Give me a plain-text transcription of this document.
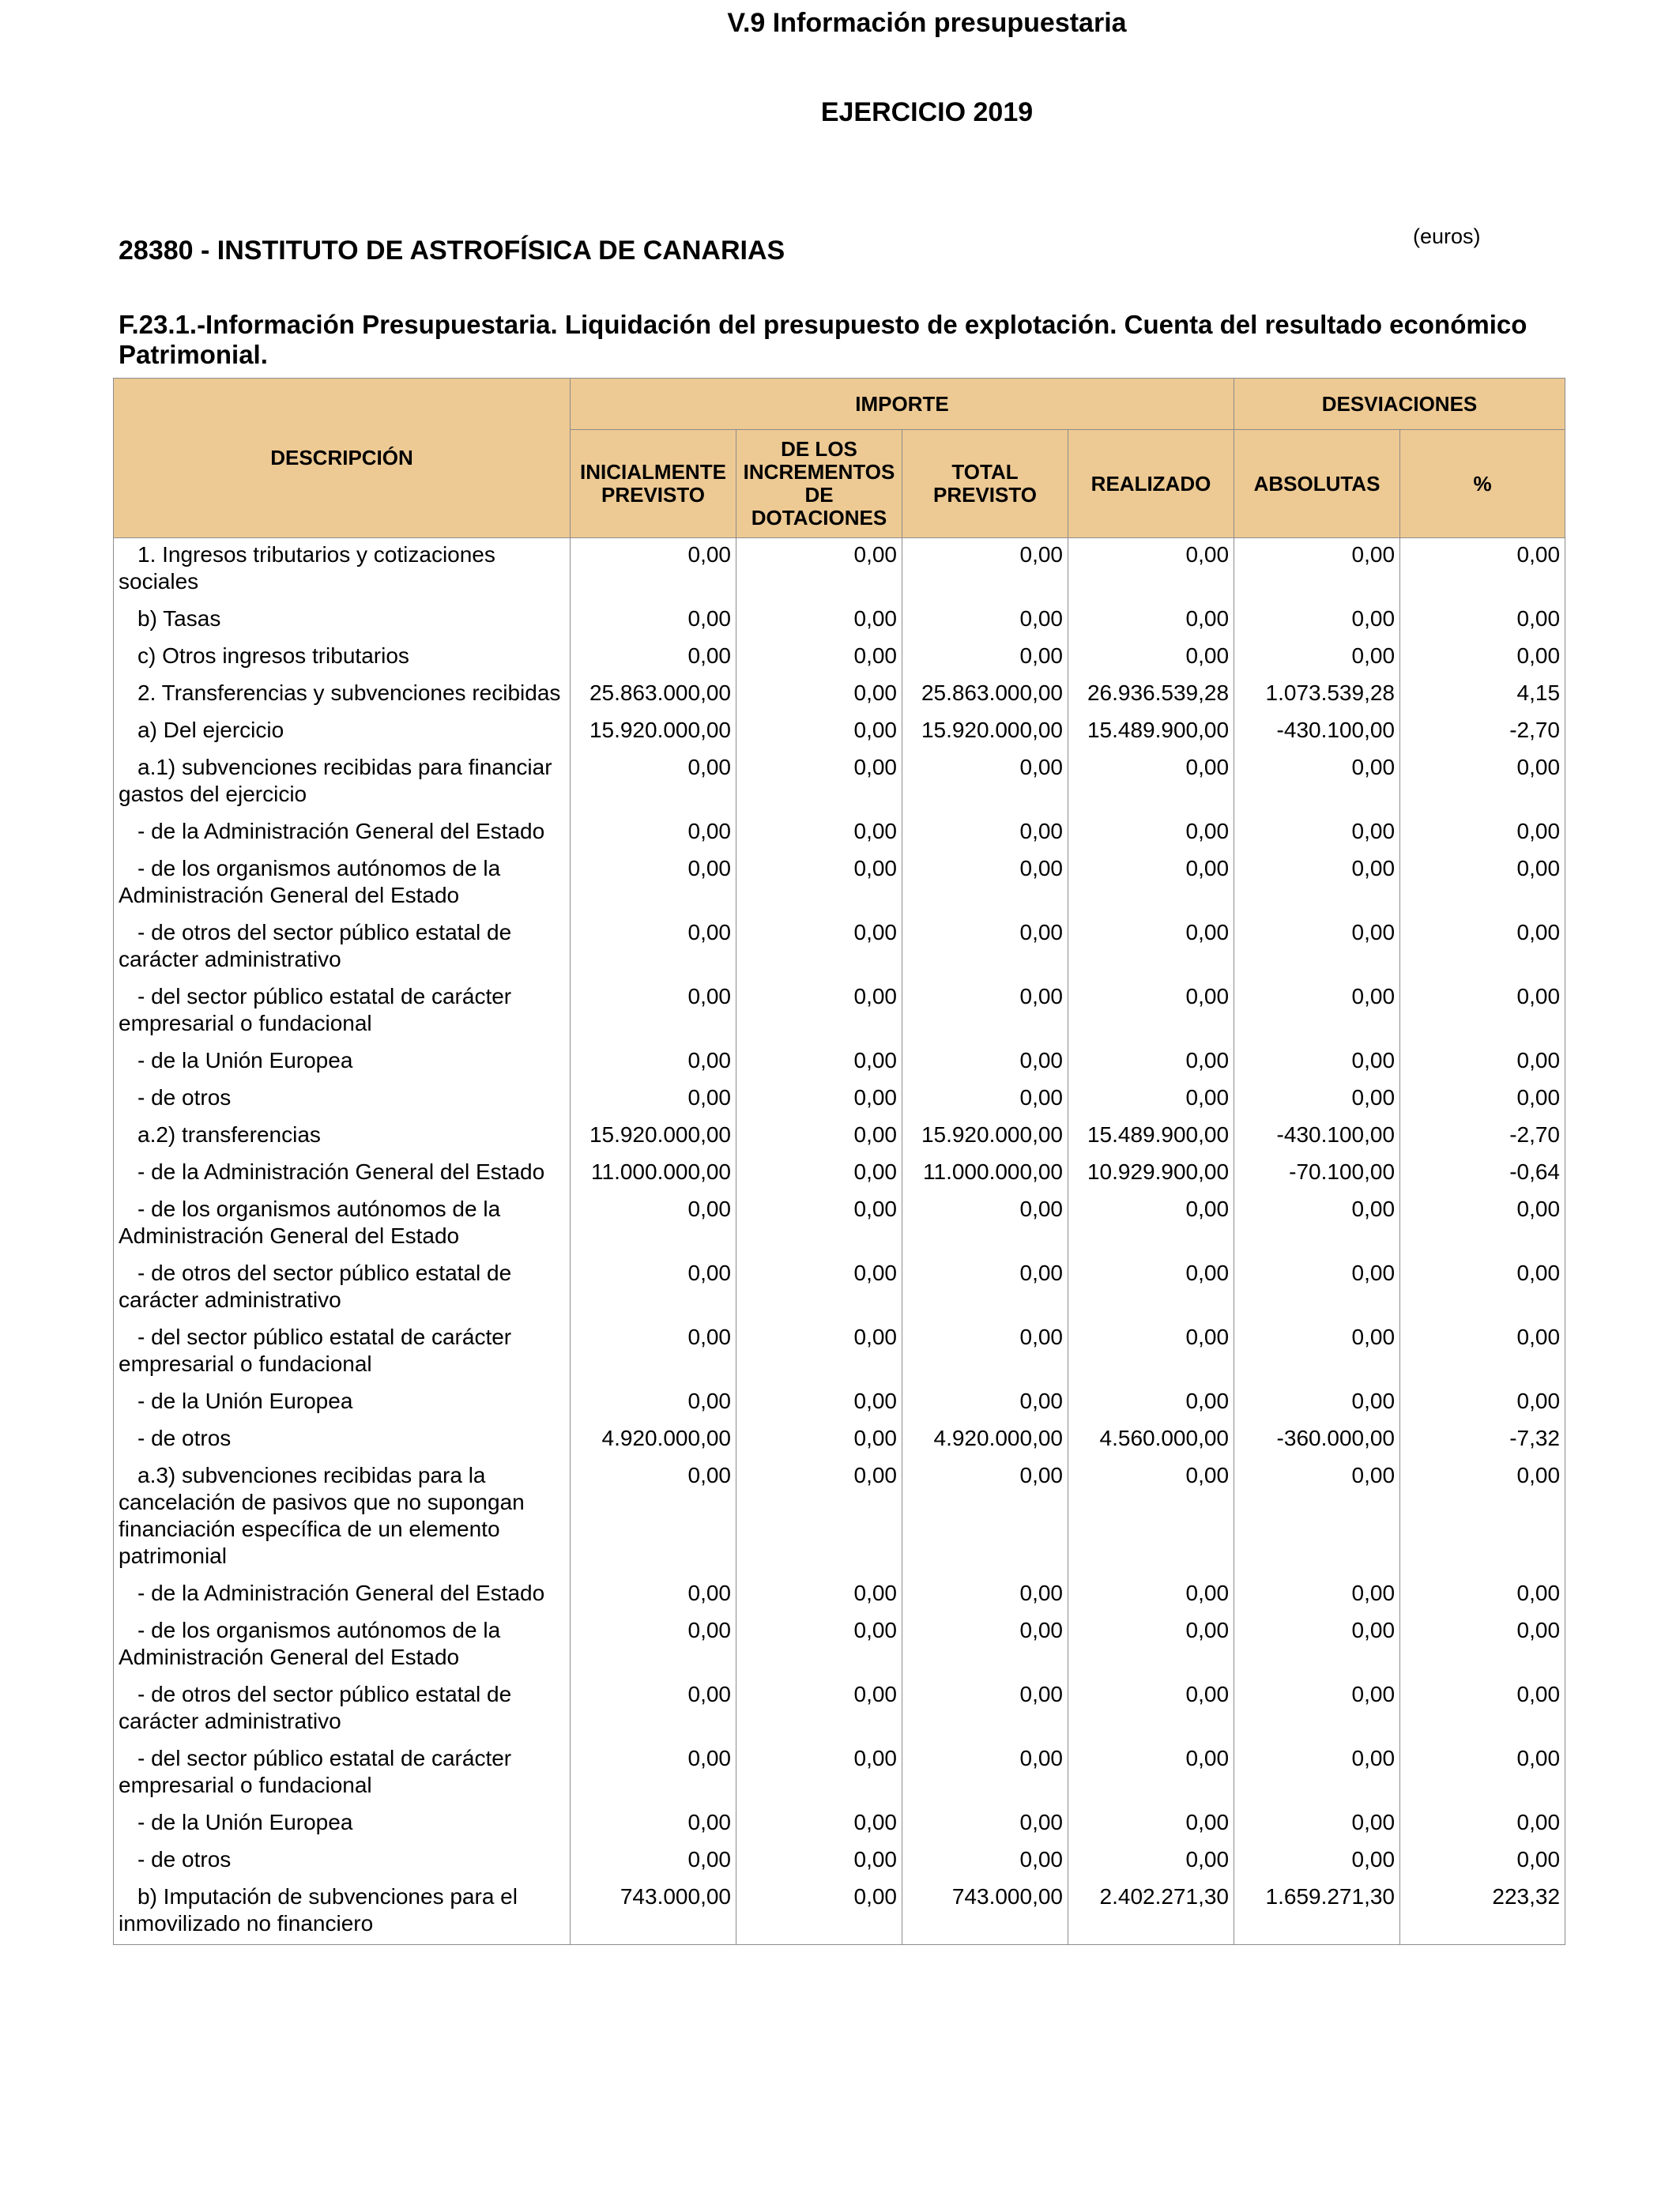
V.9 Información presupuestaria
EJERCICIO 2019
28380 - INSTITUTO DE ASTROFÍSICA DE CANARIAS	(euros)
F.23.1.-Información Presupuestaria. Liquidación del presupuesto de explotación. Cuenta del resultado económico Patrimonial.
DESCRIPCIÓN	IMPORTE				DESVIACIONES	
	INICIALMENTE PREVISTO	DE LOS INCREMENTOS DE DOTACIONES	TOTAL PREVISTO	REALIZADO	ABSOLUTAS	%
1. Ingresos tributarios y cotizaciones sociales	0,00	0,00	0,00	0,00	0,00	0,00
b) Tasas	0,00	0,00	0,00	0,00	0,00	0,00
c) Otros ingresos tributarios	0,00	0,00	0,00	0,00	0,00	0,00
2. Transferencias y subvenciones recibidas	25.863.000,00	0,00	25.863.000,00	26.936.539,28	1.073.539,28	4,15
a) Del ejercicio	15.920.000,00	0,00	15.920.000,00	15.489.900,00	-430.100,00	-2,70
a.1) subvenciones recibidas para financiar gastos del ejercicio	0,00	0,00	0,00	0,00	0,00	0,00
- de la Administración General del Estado	0,00	0,00	0,00	0,00	0,00	0,00
- de los organismos autónomos de la Administración General del Estado	0,00	0,00	0,00	0,00	0,00	0,00
- de otros del sector público estatal de carácter administrativo	0,00	0,00	0,00	0,00	0,00	0,00
- del sector público estatal de carácter empresarial o fundacional	0,00	0,00	0,00	0,00	0,00	0,00
- de la Unión Europea	0,00	0,00	0,00	0,00	0,00	0,00
- de otros	0,00	0,00	0,00	0,00	0,00	0,00
a.2) transferencias	15.920.000,00	0,00	15.920.000,00	15.489.900,00	-430.100,00	-2,70
- de la Administración General del Estado	11.000.000,00	0,00	11.000.000,00	10.929.900,00	-70.100,00	-0,64
- de los organismos autónomos de la Administración General del Estado	0,00	0,00	0,00	0,00	0,00	0,00
- de otros del sector público estatal de carácter administrativo	0,00	0,00	0,00	0,00	0,00	0,00
- del sector público estatal de carácter empresarial o fundacional	0,00	0,00	0,00	0,00	0,00	0,00
- de la Unión Europea	0,00	0,00	0,00	0,00	0,00	0,00
- de otros	4.920.000,00	0,00	4.920.000,00	4.560.000,00	-360.000,00	-7,32
a.3) subvenciones recibidas para la cancelación de pasivos que no supongan financiación específica de un elemento patrimonial	0,00	0,00	0,00	0,00	0,00	0,00
- de la Administración General del Estado	0,00	0,00	0,00	0,00	0,00	0,00
- de los organismos autónomos de la Administración General del Estado	0,00	0,00	0,00	0,00	0,00	0,00
- de otros del sector público estatal de carácter administrativo	0,00	0,00	0,00	0,00	0,00	0,00
- del sector público estatal de carácter empresarial o fundacional	0,00	0,00	0,00	0,00	0,00	0,00
- de la Unión Europea	0,00	0,00	0,00	0,00	0,00	0,00
- de otros	0,00	0,00	0,00	0,00	0,00	0,00
b) Imputación de subvenciones para el inmovilizado no financiero	743.000,00	0,00	743.000,00	2.402.271,30	1.659.271,30	223,32
